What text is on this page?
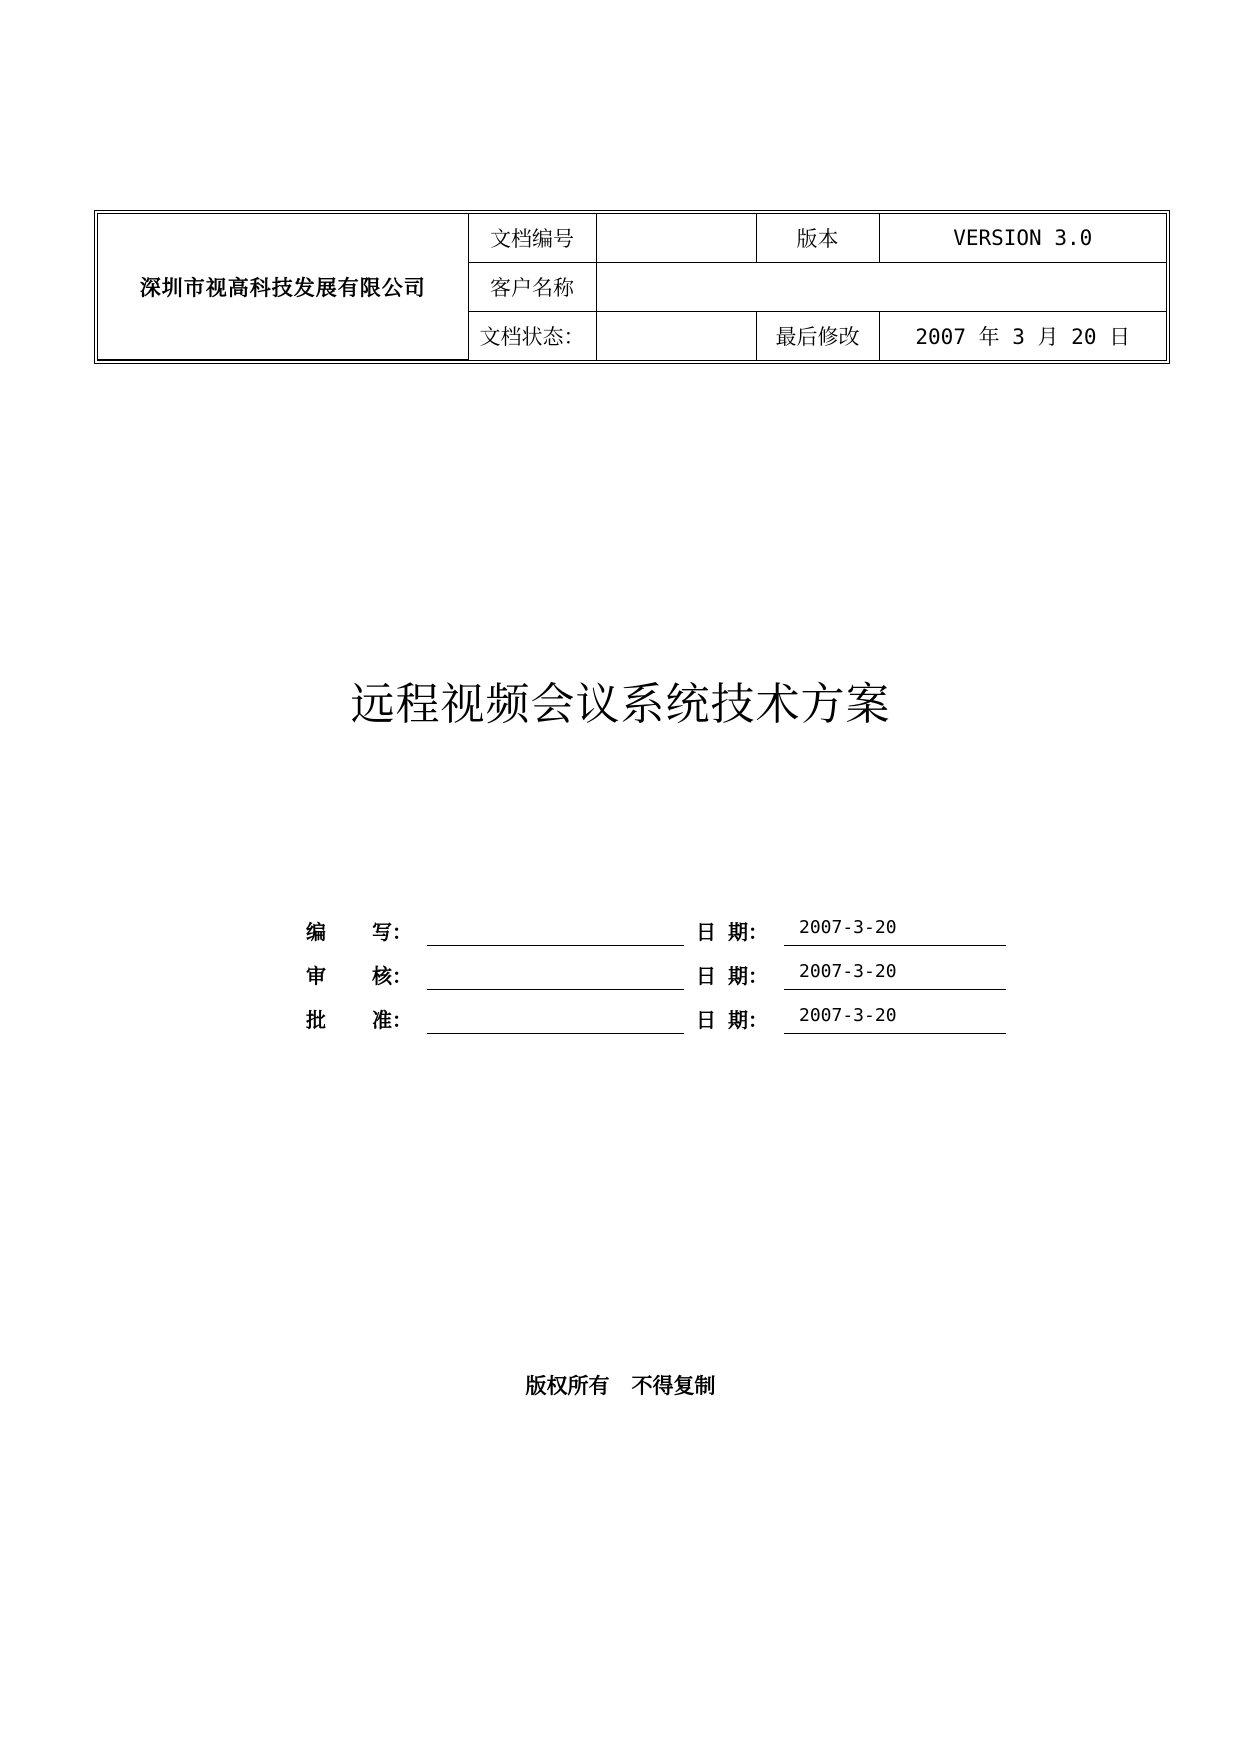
深圳市视高科技发展有限公司	文档编号		版本	VERSION 3.0
	客户名称			
	文档状态：		最后修改	2007 年 3 月 20 日
远程视频会议系统技术方案
编 写：	日 期： 2007-3-20
审 核：	日 期： 2007-3-20
批 准：	日 期： 2007-3-20
版权所有 不得复制
